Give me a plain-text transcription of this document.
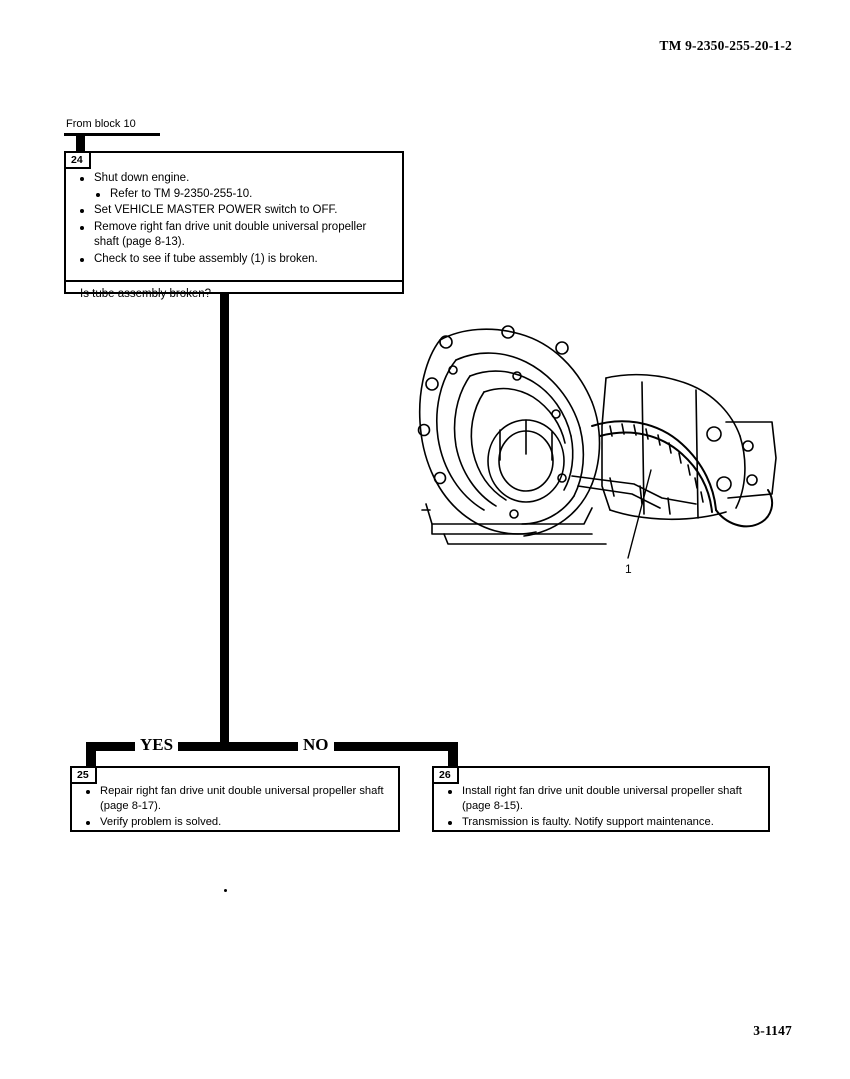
TM 9-2350-255-20-1-2
From block 10
24
Shut down engine.
Refer to TM 9-2350-255-10.
Set VEHICLE MASTER POWER switch to OFF.
Remove right fan drive unit double universal propeller shaft (page 8-13).
Check to see if tube assembly (1) is broken.
Is tube assembly broken?
YES	NO
25
Repair right fan drive unit double universal propeller shaft (page 8-17).
Verify problem is solved.
26
Install right fan drive unit double universal propeller shaft (page 8-15).
Transmission is faulty. Notify support maintenance.
1
3-1147
